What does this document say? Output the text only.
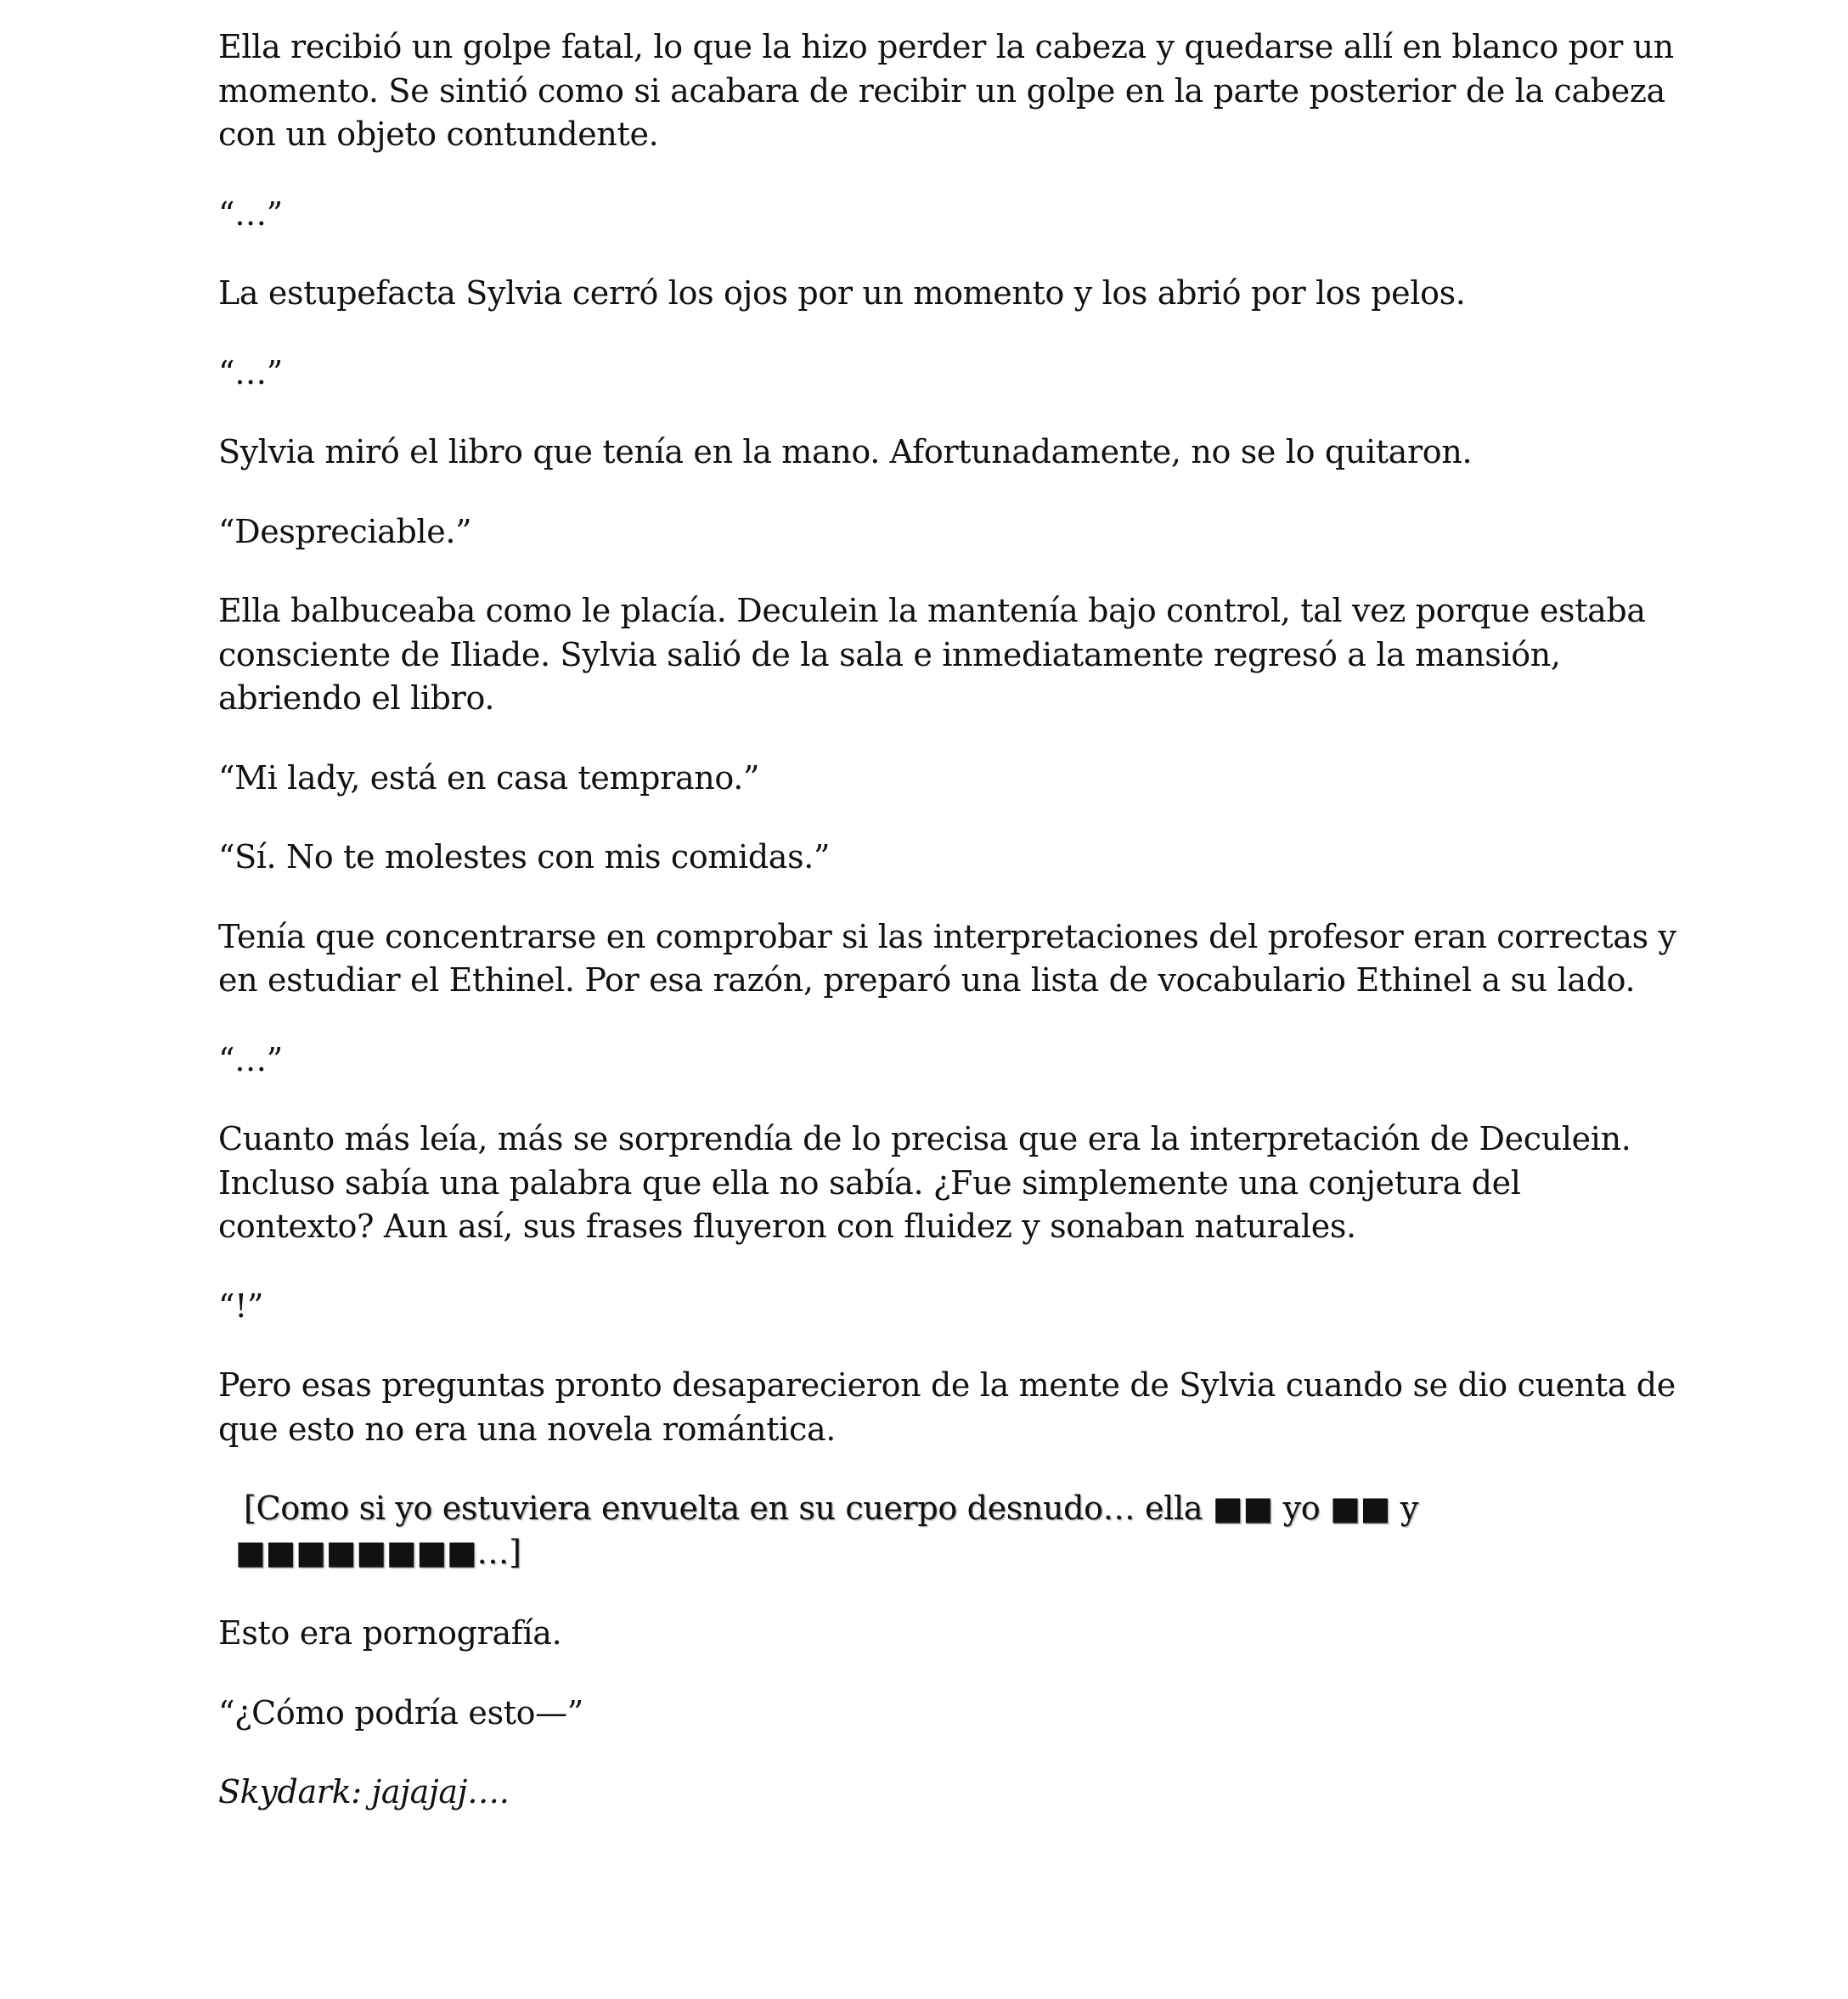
Ella recibió un golpe fatal, lo que la hizo perder la cabeza y quedarse allí en blanco por un momento. Se sintió como si acabara de recibir un golpe en la parte posterior de la cabeza con un objeto contundente.

“…”

La estupefacta Sylvia cerró los ojos por un momento y los abrió por los pelos.

“…”

Sylvia miró el libro que tenía en la mano. Afortunadamente, no se lo quitaron.

“Despreciable.”

Ella balbuceaba como le placía. Deculein la mantenía bajo control, tal vez porque estaba consciente de Iliade. Sylvia salió de la sala e inmediatamente regresó a la mansión, abriendo el libro.

“Mi lady, está en casa temprano.”

“Sí. No te molestes con mis comidas.”

Tenía que concentrarse en comprobar si las interpretaciones del profesor eran correctas y en estudiar el Ethinel. Por esa razón, preparó una lista de vocabulario Ethinel a su lado.

“…”

Cuanto más leía, más se sorprendía de lo precisa que era la interpretación de Deculein. Incluso sabía una palabra que ella no sabía. ¿Fue simplemente una conjetura del contexto? Aun así, sus frases fluyeron con fluidez y sonaban naturales.

“!”

Pero esas preguntas pronto desaparecieron de la mente de Sylvia cuando se dio cuenta de que esto no era una novela romántica.

[Como si yo estuviera envuelta en su cuerpo desnudo… ella ■■ yo ■■ y
■■■■■■■■…]

Esto era pornografía.

“¿Cómo podría esto—”

Skydark: jajajaj….
